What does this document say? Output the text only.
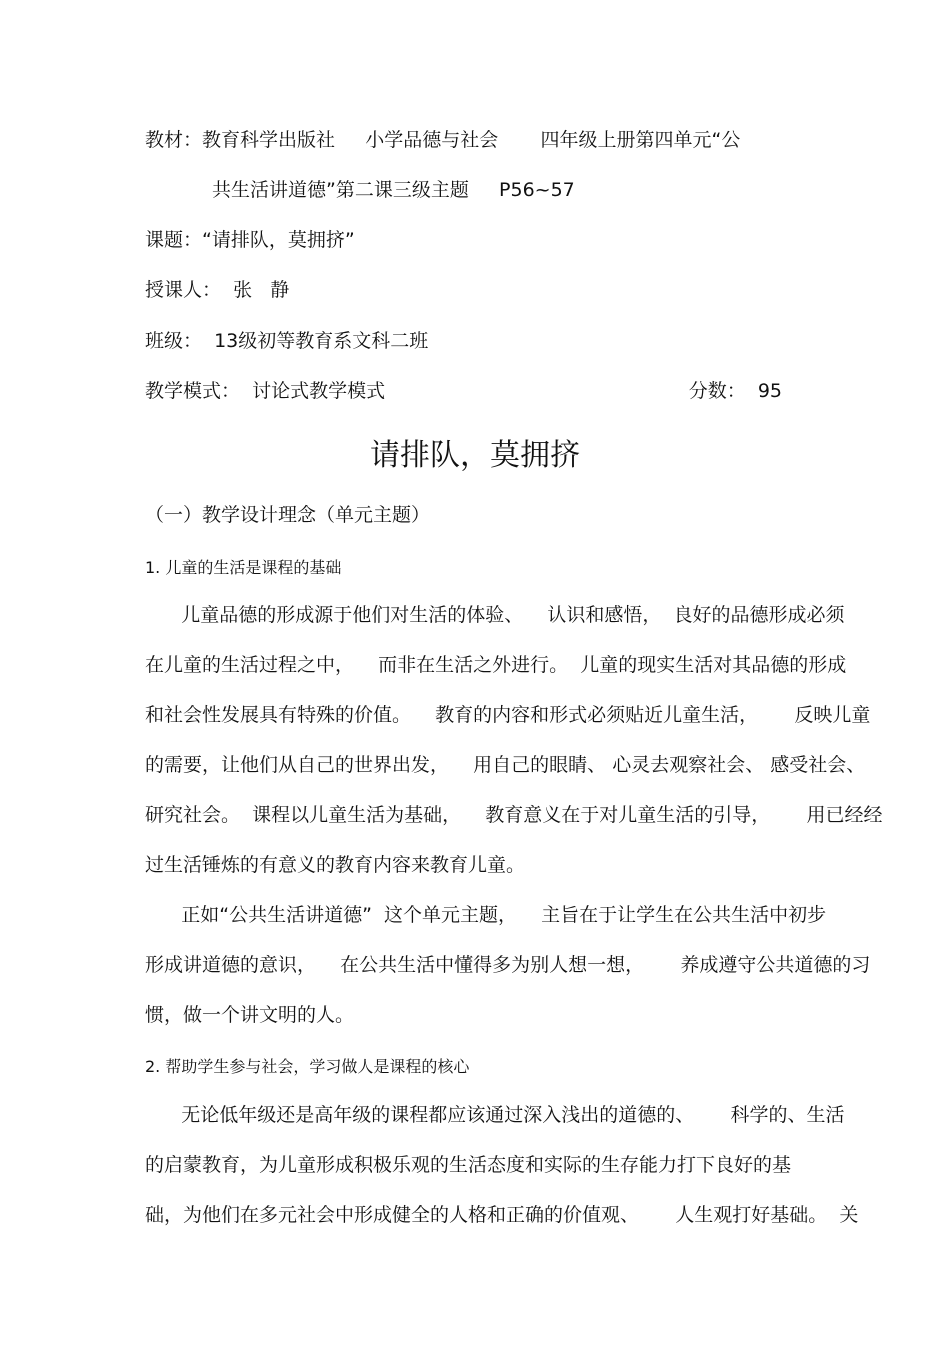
教材：教育科学出版社     小学品德与社会       四年级上册第四单元“公
共生活讲道德”第二课三级主题     P56~57
课题：“请排队，莫拥挤”
授课人：  张   静
班级：  13级初等教育系文科二班
教学模式：  讨论式教学模式	分数：  95
请排队，莫拥挤
（一）教学设计理念（单元主题）
1. 儿童的生活是课程的基础
儿童品德的形成源于他们对生活的体验、    认识和感悟，  良好的品德形成必须
在儿童的生活过程之中，    而非在生活之外进行。  儿童的现实生活对其品德的形成
和社会性发展具有特殊的价值。    教育的内容和形式必须贴近儿童生活，      反映儿童
的需要，让他们从自己的世界出发，    用自己的眼睛、 心灵去观察社会、 感受社会、
研究社会。  课程以儿童生活为基础，    教育意义在于对儿童生活的引导，      用已经经
过生活锤炼的有意义的教育内容来教育儿童。
正如“公共生活讲道德”  这个单元主题，    主旨在于让学生在公共生活中初步
形成讲道德的意识，    在公共生活中懂得多为别人想一想，      养成遵守公共道德的习
惯，做一个讲文明的人。
2. 帮助学生参与社会，学习做人是课程的核心
无论低年级还是高年级的课程都应该通过深入浅出的道德的、      科学的、生活
的启蒙教育，为儿童形成积极乐观的生活态度和实际的生存能力打下良好的基
础，为他们在多元社会中形成健全的人格和正确的价值观、      人生观打好基础。  关
